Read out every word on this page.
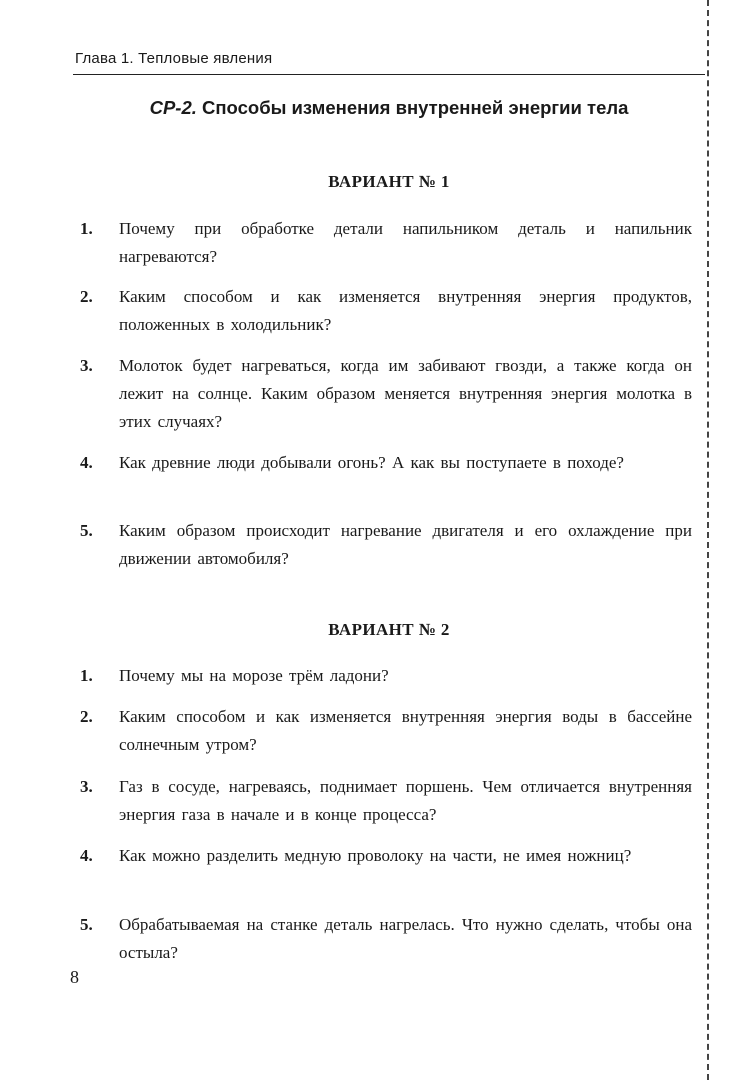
Глава 1. Тепловые явления
СР-2. Способы изменения внутренней энергии тела
ВАРИАНТ № 1
1. Почему при обработке детали напильником деталь и напильник нагреваются?
2. Каким способом и как изменяется внутренняя энергия продуктов, положенных в холодильник?
3. Молоток будет нагреваться, когда им забивают гвозди, а также когда он лежит на солнце. Каким образом меняется внутренняя энергия молотка в этих случаях?
4. Как древние люди добывали огонь? А как вы поступаете в походе?
5. Каким образом происходит нагревание двигателя и его охлаждение при движении автомобиля?
ВАРИАНТ № 2
1. Почему мы на морозе трём ладони?
2. Каким способом и как изменяется внутренняя энергия воды в бассейне солнечным утром?
3. Газ в сосуде, нагреваясь, поднимает поршень. Чем отличается внутренняя энергия газа в начале и в конце процесса?
4. Как можно разделить медную проволоку на части, не имея ножниц?
5. Обрабатываемая на станке деталь нагрелась. Что нужно сделать, чтобы она остыла?
8
